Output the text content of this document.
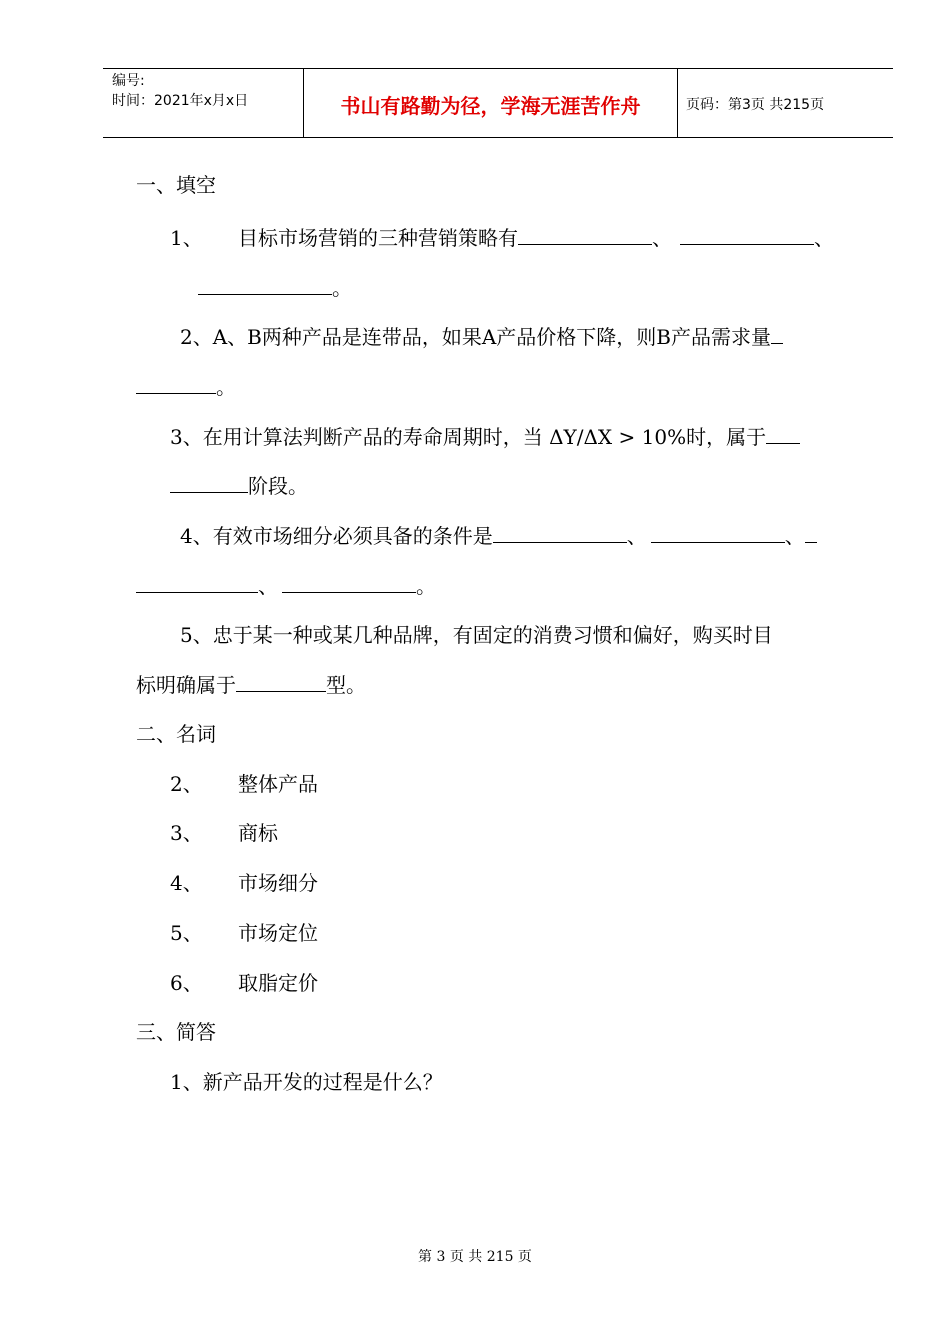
编号:
时间：2021年x月x日	书山有路勤为径，学海无涯苦作舟	页码：第3页 共215页
一、填空
1、 目标市场营销的三种营销策略有	、	、
。
2、A、B两种产品是连带品，如果A产品价格下降，则B产品需求量
。
3、在用计算法判断产品的寿命周期时，当 ΔY/ΔX > 10%时，属于
阶段。
4、有效市场细分必须具备的条件是	、	、
、	。
5、忠于某一种或某几种品牌，有固定的消费习惯和偏好，购买时目
标明确属于	型。
二、名词
2、 整体产品
3、 商标
4、 市场细分
5、 市场定位
6、 取脂定价
三、简答
1、新产品开发的过程是什么？
第 3 页 共 215 页
